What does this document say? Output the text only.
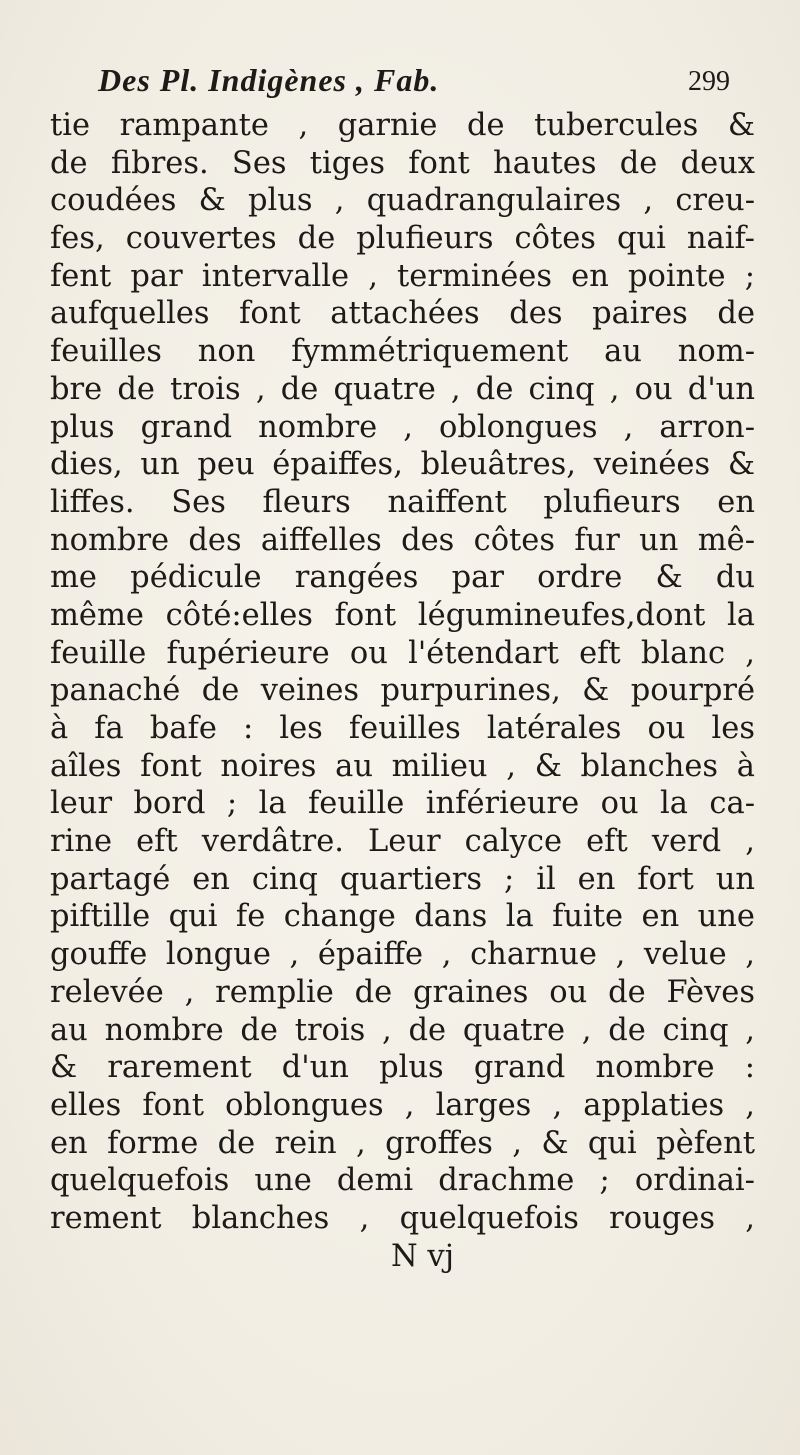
Des Pl. Indigènes , Fab.	299
tie rampante , garnie de tubercules &
de fibres. Ses tiges font hautes de deux
coudées & plus , quadrangulaires , creu-
fes, couvertes de plufieurs côtes qui naif-
fent par intervalle , terminées en pointe ;
aufquelles font attachées des paires de
feuilles non fymmétriquement au nom-
bre de trois , de quatre , de cinq , ou d'un
plus grand nombre , oblongues , arron-
dies, un peu épaiffes, bleuâtres, veinées &
liffes. Ses fleurs naiffent plufieurs en
nombre des aiffelles des côtes fur un mê-
me pédicule rangées par ordre & du
même côté:elles font légumineufes,dont la
feuille fupérieure ou l'étendart eft blanc ,
panaché de veines purpurines, & pourpré
à fa bafe : les feuilles latérales ou les
aîles font noires au milieu , & blanches à
leur bord ; la feuille inférieure ou la ca-
rine eft verdâtre. Leur calyce eft verd ,
partagé en cinq quartiers ; il en fort un
piftille qui fe change dans la fuite en une
gouffe longue , épaiffe , charnue , velue ,
relevée , remplie de graines ou de Fèves
au nombre de trois , de quatre , de cinq ,
& rarement d'un plus grand nombre :
elles font oblongues , larges , applaties ,
en forme de rein , groffes , & qui pèfent
quelquefois une demi drachme ; ordinai-
rement blanches , quelquefois rouges ,
N vj
